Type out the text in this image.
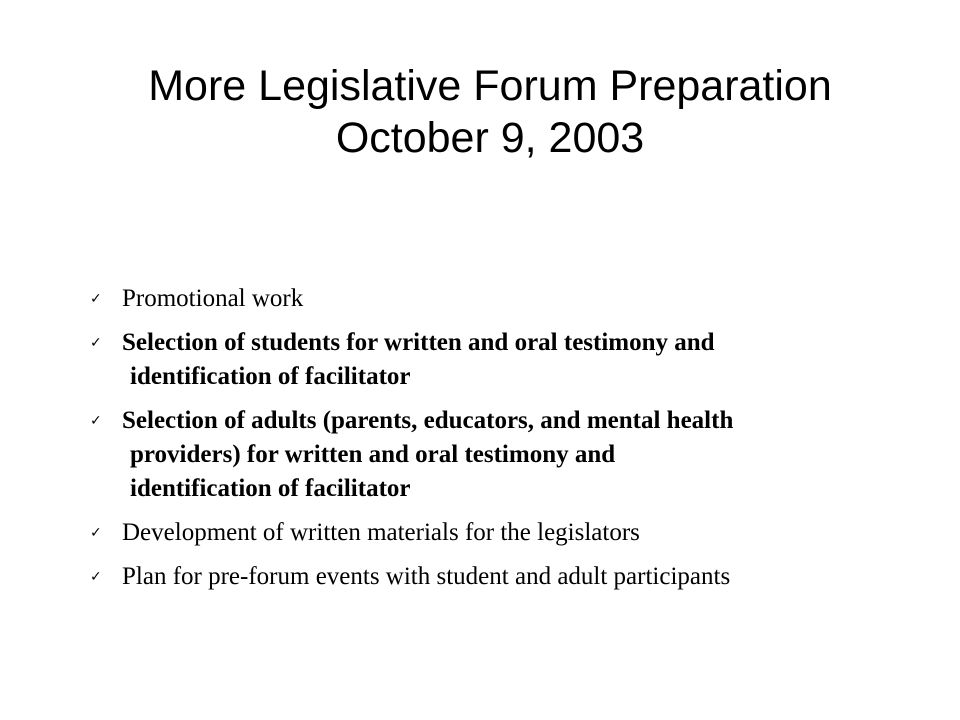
More Legislative Forum Preparation
October 9, 2003
✓ Promotional work
✓ Selection of students for written and oral testimony and
identification of facilitator
✓ Selection of adults (parents, educators, and mental health
providers) for written and oral testimony and
identification of facilitator
✓ Development of written materials for the legislators
✓ Plan for pre-forum events with student and adult participants
